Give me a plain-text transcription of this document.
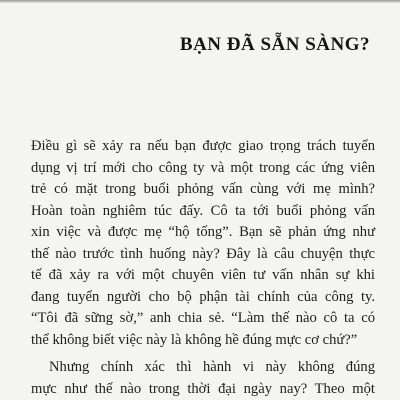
BẠN ĐÃ SẴN SÀNG?
Điều gì sẽ xảy ra nếu bạn được giao trọng trách tuyển
dụng vị trí mới cho công ty và một trong các ứng viên
trẻ có mặt trong buổi phỏng vấn cùng với mẹ mình?
Hoàn toàn nghiêm túc đấy. Cô ta tới buổi phỏng vấn
xin việc và được mẹ “hộ tống”. Bạn sẽ phản ứng như
thế nào trước tình huống này? Đây là câu chuyện thực
tế đã xảy ra với một chuyên viên tư vấn nhân sự khi
đang tuyển người cho bộ phận tài chính của công ty.
“Tôi đã sững sờ,” anh chia sẻ. “Làm thế nào cô ta có
thể không biết việc này là không hề đúng mực cơ chứ?”
Nhưng chính xác thì hành vi này không đúng
mực như thế nào trong thời đại ngày nay? Theo một
